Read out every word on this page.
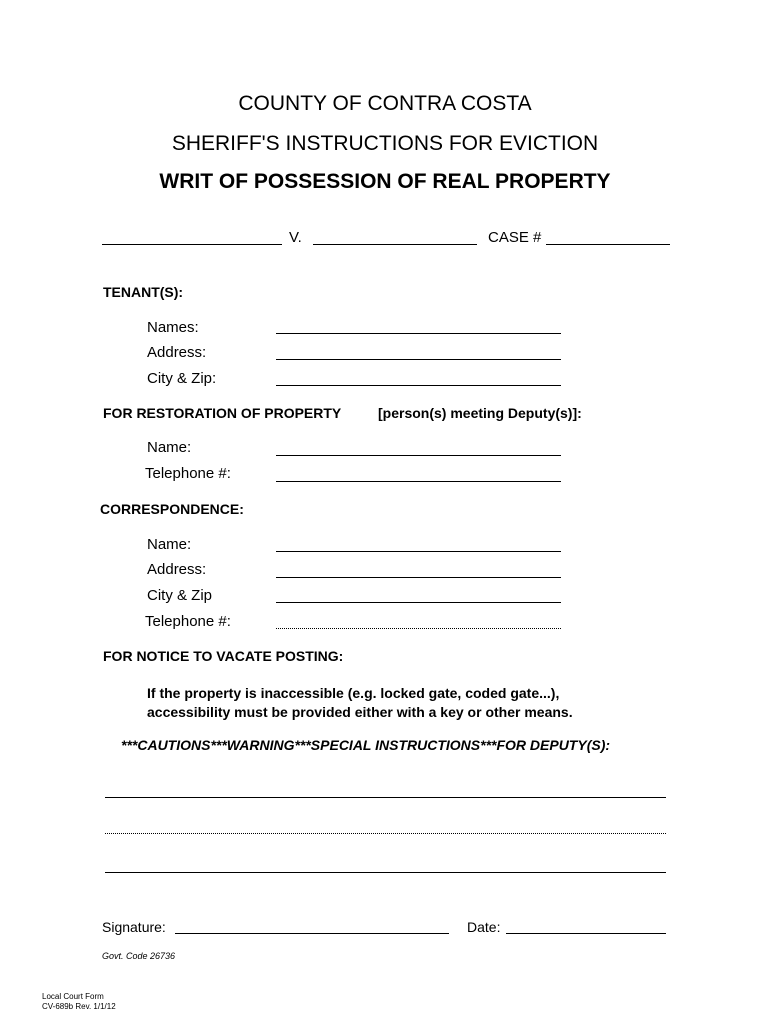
COUNTY OF CONTRA COSTA
SHERIFF'S INSTRUCTIONS FOR EVICTION
WRIT OF POSSESSION OF REAL PROPERTY
V.	CASE #
TENANT(S):
Names:
Address:
City & Zip:
FOR RESTORATION OF PROPERTY	[person(s) meeting Deputy(s)]:
Name:
Telephone #:
CORRESPONDENCE:
Name:
Address:
City & Zip
Telephone #:
FOR NOTICE TO VACATE POSTING:
If the property is inaccessible (e.g. locked gate, coded gate...),
accessibility must be provided either with a key or other means.
***CAUTIONS***WARNING***SPECIAL INSTRUCTIONS***FOR DEPUTY(S):
Signature:	Date:
Govt. Code 26736
Local Court Form
CV-689b Rev. 1/1/12
